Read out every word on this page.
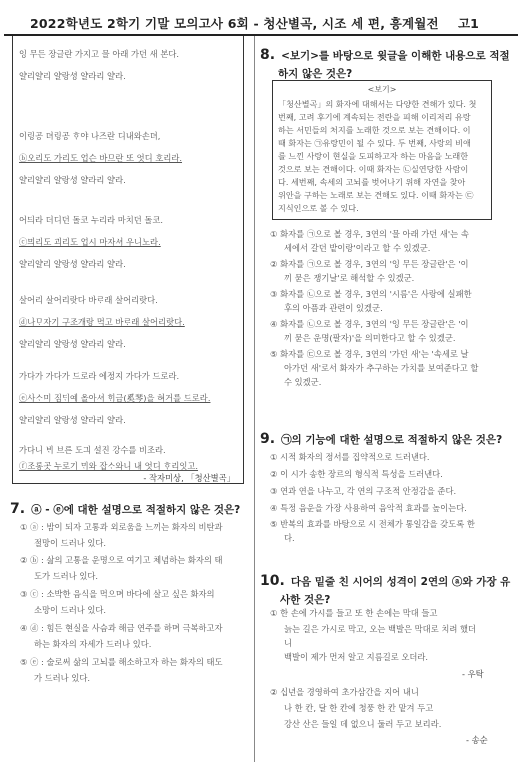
2022학년도 2학기 기말 모의고사 6회 - 청산별곡, 시조 세 편, 흥계월전 고1
잉 무든 장글란 가지고 믈 아래 가던 새 본다.
얄리얄리 얄랑셩 얄라리 얄라.
이링공 뎌링공 ᄒᆞ야 나즈란 디내와손뎌,
ⓑ오리도 가리도 업슨 바므란 또 엇디 호리라.
얄리얄리 얄랑셩 얄라리 얄라.
어듸라 더디던 돌코 누리라 마치던 돌코.
ⓒ믜리도 괴리도 업시 마자셔 우니노라.
얄리얄리 얄랑셩 얄라리 얄라.
살어리 살어리랏다 바ᄅᆞ래 살어리랏다.
ⓓ나ᄆᆞ자기 구조개랑 먹고 바ᄅᆞ래 살어리랏다.
얄리얄리 얄랑셩 얄라리 얄라.
가다가 가다가 드로라 에정지 가다가 드로라.
ⓔ사ᄉᆞ미 짐ᄃᆡ예 올아셔 ᄒᆡ금(奚琴)을 혀거를 드로라.
얄리얄리 얄랑셩 얄라리 얄라.
가다니 ᄇᆡ 브른 도긔 설진 강수를 비조라.
ⓕ조롱곳 누로기 ᄆᆡ와 잡ᄉᆞ와니 내 엇디 ᄒᆞ리잇고.
- 작자미상, 「청산별곡」
7. ⓐ - ⓔ에 대한 설명으로 적절하지 않은 것은?
① ⓐ : 밤이 되자 고통과 외로움을 느끼는 화자의 비탄과
절망이 드러나 있다.
② ⓑ : 삶의 고통을 운명으로 여기고 체념하는 화자의 태
도가 드러나 있다.
③ ⓒ : 소박한 음식을 먹으며 바다에 살고 싶은 화자의
소망이 드러나 있다.
④ ⓓ : 힘든 현실을 사슴과 해금 연주를 하며 극복하고자
하는 화자의 자세가 드러나 있다.
⑤ ⓔ : 술로써 삶의 고뇌를 해소하고자 하는 화자의 태도
가 드러나 있다.
8. <보기>를 바탕으로 윗글을 이해한 내용으로 적절
하지 않은 것은?
<보기>
「청산별곡」의 화자에 대해서는 다양한 견해가 있다. 첫
번째, 고려 후기에 계속되는 전란을 피해 이리저리 유랑
하는 서민들의 처지를 노래한 것으로 보는 견해이다. 이
때 화자는 ㉠유랑민이 될 수 있다. 두 번째, 사랑의 비애
를 느낀 사랑이 현실을 도피하고자 하는 마음을 노래한
것으로 보는 견해이다. 이때 화자는 ㉡실연당한 사람이
다. 세번째, 속세의 고뇌를 벗어나기 위해 자연을 찾아
위안을 구하는 노래로 보는 견해도 있다. 이때 화자는 ㉢
지식인으로 볼 수 있다.
① 화자를 ㉠으로 볼 경우, 3연의 '믈 아래 가던 새'는 속
세에서 갈던 밭이랑'이라고 할 수 있겠군.
② 화자를 ㉠으로 볼 경우, 3연의 '잉 무든 장글란'은 '이
끼 묻은 쟁기날'로 해석할 수 있겠군.
③ 화자를 ㉡으로 볼 경우, 3연의 '시름'은 사랑에 실패한
후의 아픔과 관련이 있겠군.
④ 화자를 ㉡으로 볼 경우, 3연의 '잉 무든 장글란'은 '이
끼 묻은 운명(팔자)'을 의미한다고 할 수 있겠군.
⑤ 화자를 ㉢으로 볼 경우, 3연의 '가던 새'는 '속세로 날
아가던 새'로서 화자가 추구하는 가치를 보여준다고 할
수 있겠군.
9. ㉠의 기능에 대한 설명으로 적절하지 않은 것은?
① 시적 화자의 정서를 집약적으로 드러낸다.
② 이 시가 송한 장르의 형식적 특성을 드러낸다.
③ 연과 연을 나누고, 각 연의 구조적 안정감을 준다.
④ 특정 음운을 가장 사용하여 음악적 효과를 높이는다.
⑤ 반복의 효과를 바탕으로 시 전체가 통일감을 갖도록 한
다.
10. 다음 밑줄 친 시어의 성격이 2연의 ⓐ와 가장 유
사한 것은?
① 한 손에 가시를 들고 또 한 손에는 막대 들고
늙는 길은 가시로 막고, 오는 백발은 막대로 치려 했더
니
백발이 제가 먼저 알고 지름길로 오더라.
- 우탁
② 십년을 경영하여 초가삼간을 지어 내니
나 한 칸, 달 한 칸에 청풍 한 칸 맡겨 두고
강산 산은 들일 데 없으니 둘러 두고 보리라.
- 송순
